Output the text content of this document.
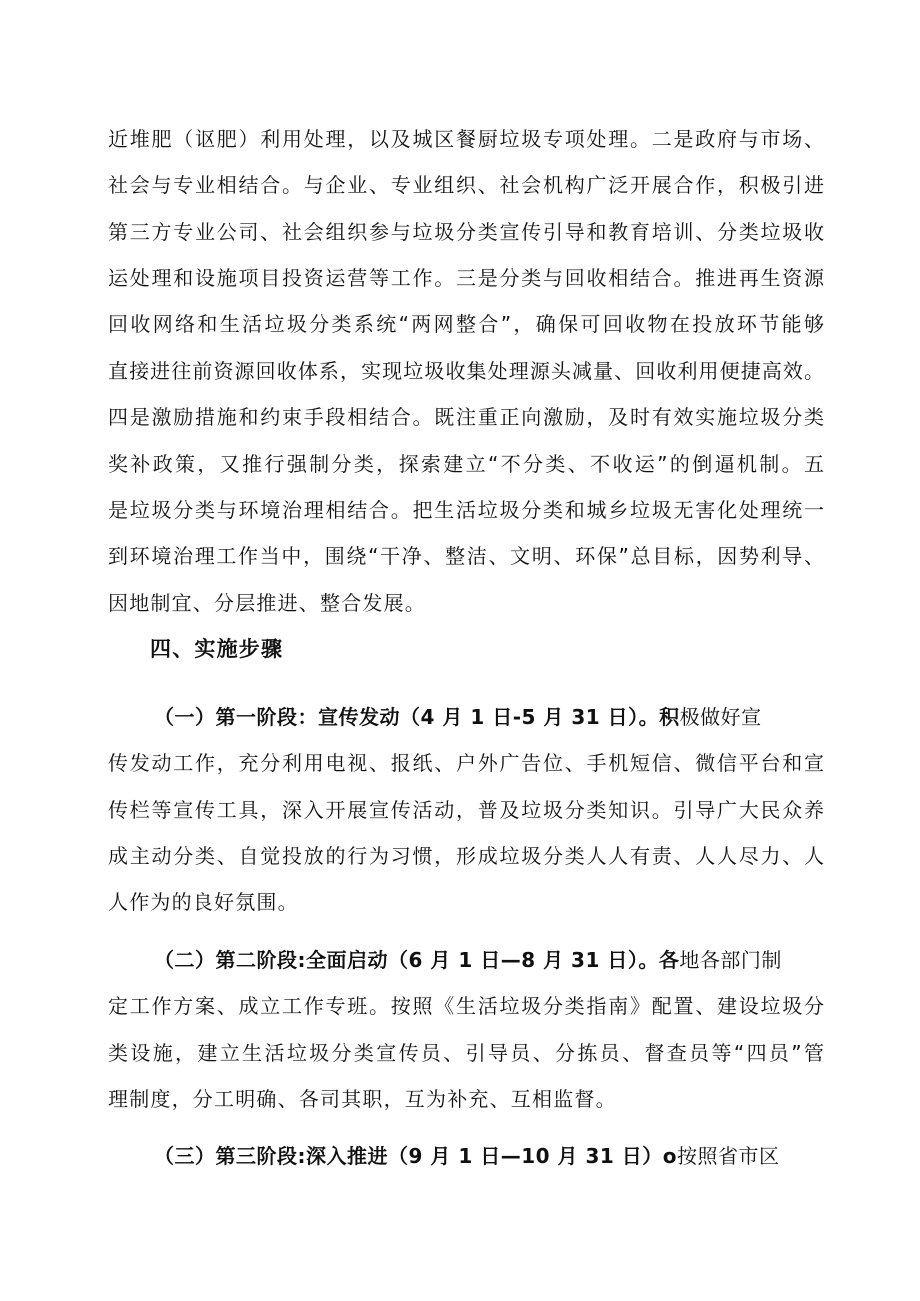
近堆肥（讴肥）利用处理，以及城区餐厨垃圾专项处理。二是政府与市场、
社会与专业相结合。与企业、专业组织、社会机构广泛开展合作，积极引进
第三方专业公司、社会组织参与垃圾分类宣传引导和教育培训、分类垃圾收
运处理和设施项目投资运营等工作。三是分类与回收相结合。推进再生资源
回收网络和生活垃圾分类系统“两网整合”，确保可回收物在投放环节能够
直接进往前资源回收体系，实现垃圾收集处理源头减量、回收利用便捷高效。
四是激励措施和约束手段相结合。既注重正向激励，及时有效实施垃圾分类
奖补政策，又推行强制分类，探索建立“不分类、不收运”的倒逼机制。五
是垃圾分类与环境治理相结合。把生活垃圾分类和城乡垃圾无害化处理统一
到环境治理工作当中，围绕“干净、整洁、文明、环保”总目标，因势利导、
因地制宜、分层推进、整合发展。
四、实施步骤
（一）第一阶段：宣传发动（4 月 1 日-5 月 31 日）。积极做好宣
传发动工作，充分利用电视、报纸、户外广告位、手机短信、微信平台和宣
传栏等宣传工具，深入开展宣传活动，普及垃圾分类知识。引导广大民众养
成主动分类、自觉投放的行为习惯，形成垃圾分类人人有责、人人尽力、人
人作为的良好氛围。
（二）第二阶段:全面启动（6 月 1 日—8 月 31 日）。各地各部门制
定工作方案、成立工作专班。按照《生活垃圾分类指南》配置、建设垃圾分
类设施，建立生活垃圾分类宣传员、引导员、分拣员、督查员等“四员”管
理制度，分工明确、各司其职，互为补充、互相监督。
（三）第三阶段:深入推进（9 月 1 日—10 月 31 日）o按照省市区
